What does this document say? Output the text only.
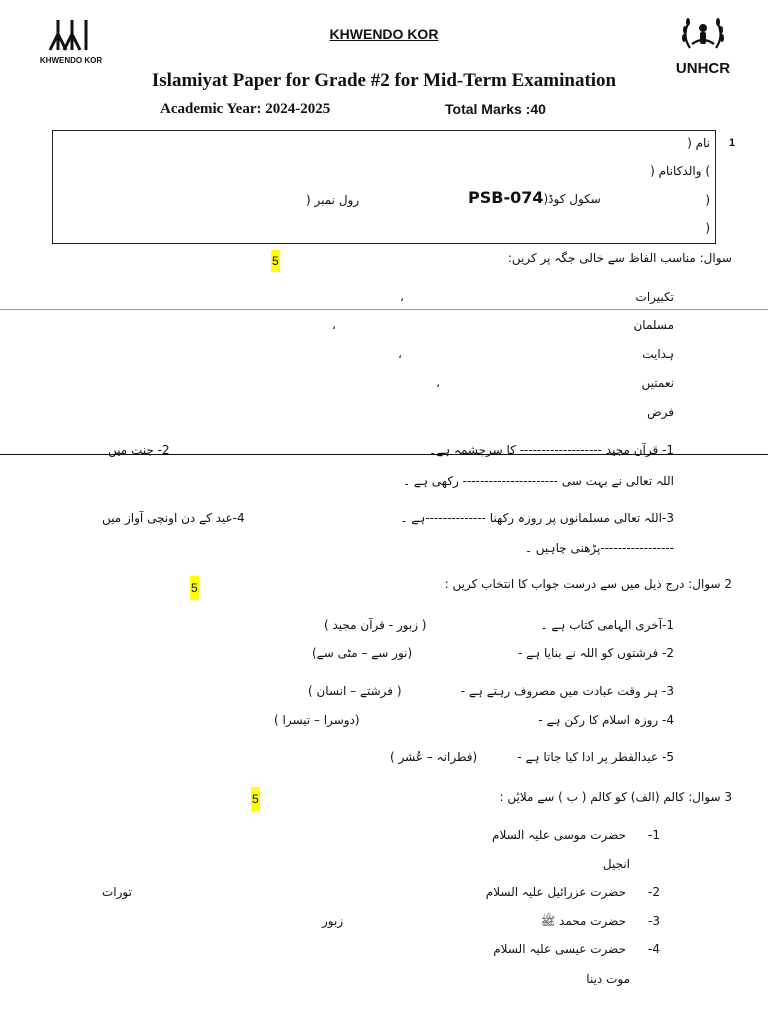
KHWENDO KOR	UNHCR
KHWENDO KOR
Islamiyat Paper for Grade #2 for Mid-Term Examination
Academic Year: 2024-2025	Total Marks :40
1
نام (
) والدکانام (
)
PSB-074سکول کوڈ(
رول نمبر (
)
سوال: مناسب الفاظ سے خالی جگہ پر کریں:
5
تکبیرات
،
مسلمان
،
ہدایت
،
نعمتیں
،
فرض
1- قرآن مجید ------------------- کا سرچشمہ ہے۔
2- جنت میں
اللہ تعالی نے بہت سی ---------------------- رکھی ہے ۔
3-اللہ تعالی مسلمانوں پر روزہ رکھنا --------------ہے ۔
4-عید کے دن اونچی آواز میں
-----------------پڑھنی چاہیں ۔
2 سوال: درج ذیل میں سے درست جواب کا انتخاب کریں :
5
1-آخری الہامی کتاب ہے ۔
( زبور - قرآن مجید )
2- فرشتوں کو اللہ نے بنایا ہے -
(نور سے – مٹی سے)
3- ہر وقت عبادت میں مصروف رہتے ہے -
( فرشتے – انسان )
4- روزہ اسلام کا رکن ہے -
(دوسرا – تیسرا )
5- عیدالفطر پر ادا کیا جاتا ہے -
(فطرانہ – عُشر )
3 سوال: کالم (الف) کو کالم ( ب ) سے ملایٔں :
5
-1
حضرت موسی علیہ السلام
انجیل
-2
حضرت عزرائیل علیہ السلام
تورات
-3
حضرت محمد ﷺ
زبور
-4
حضرت عیسی علیہ السلام
موت دینا
